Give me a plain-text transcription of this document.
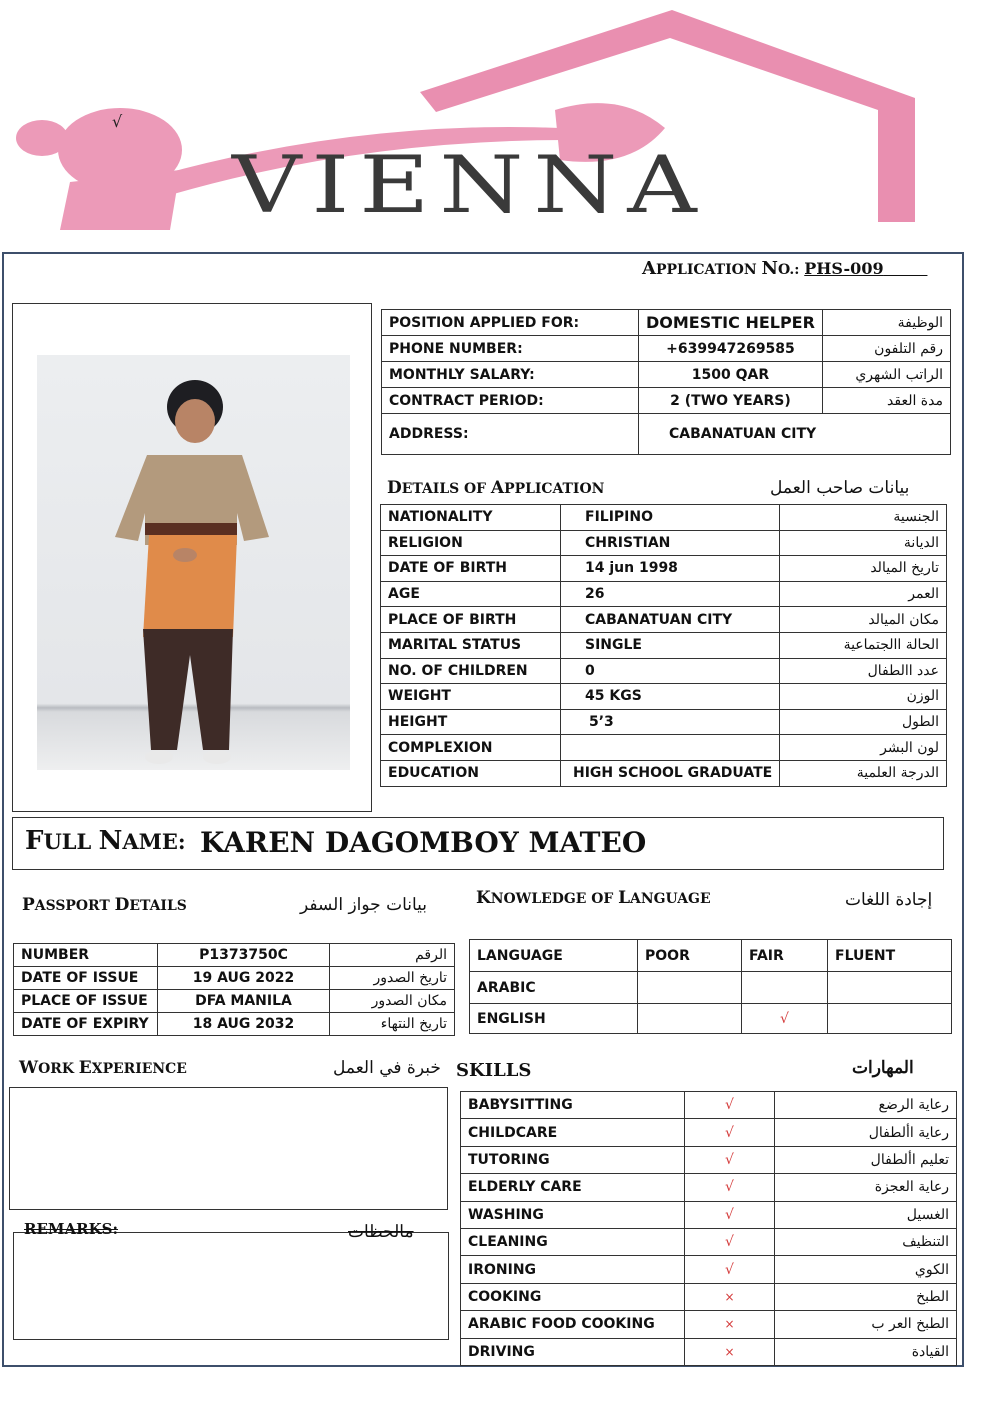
VIENNA
√
APPLICATION NO.: PHS-009
POSITION APPLIED FOR:	DOMESTIC HELPER	الوظيفة
PHONE NUMBER:	+639947269585	رقم التلفون
MONTHLY SALARY:	1500 QAR	الراتب الشهري
CONTRACT PERIOD:	2 (TWO YEARS)	مدة العقد
ADDRESS:	CABANATUAN CITY	
DETAILS OF APPLICATION	بيانات صاحب العمل
NATIONALITY	FILIPINO	الجنسية
RELIGION	CHRISTIAN	الديانة
DATE OF BIRTH	14 jun 1998	تاريخ الميالد
AGE	26	العمر
PLACE OF BIRTH	CABANATUAN CITY	مكان الميالد
MARITAL STATUS	SINGLE	الحالة االجتماعية
NO. OF CHILDREN	0	عدد االطفال
WEIGHT	45 KGS	الوزن
HEIGHT	5’3	الطول
COMPLEXION		لون البشر
EDUCATION	HIGH SCHOOL GRADUATE	الدرجة العلمية
FULL NAME: KAREN DAGOMBOY MATEO
PASSPORT DETAILS	بيانات جواز السفر
NUMBER	P1373750C	الرقم
DATE OF ISSUE	19 AUG 2022	تاريخ الصدور
PLACE OF ISSUE	DFA MANILA	مكان الصدور
DATE OF EXPIRY	18 AUG 2032	تاريخ النتهاء
KNOWLEDGE OF LANGUAGE	إجادة اللغات
LANGUAGE	POOR	FAIR	FLUENT
ARABIC			
ENGLISH		√	
WORK EXPERIENCE	خبرة في العمل
REMARKS:	مالحظات
SKILLS	المهارات
BABYSITTING	√	رعاية الرضع
CHILDCARE	√	رعاية األطفال
TUTORING	√	تعليم األطفال
ELDERLY CARE	√	رعاية العجزة
WASHING	√	الغسيل
CLEANING	√	التنظيف
IRONING	√	الكوي
COOKING	×	الطبخ
ARABIC FOOD COOKING	×	الطبخ العر ب
DRIVING	×	القيادة
